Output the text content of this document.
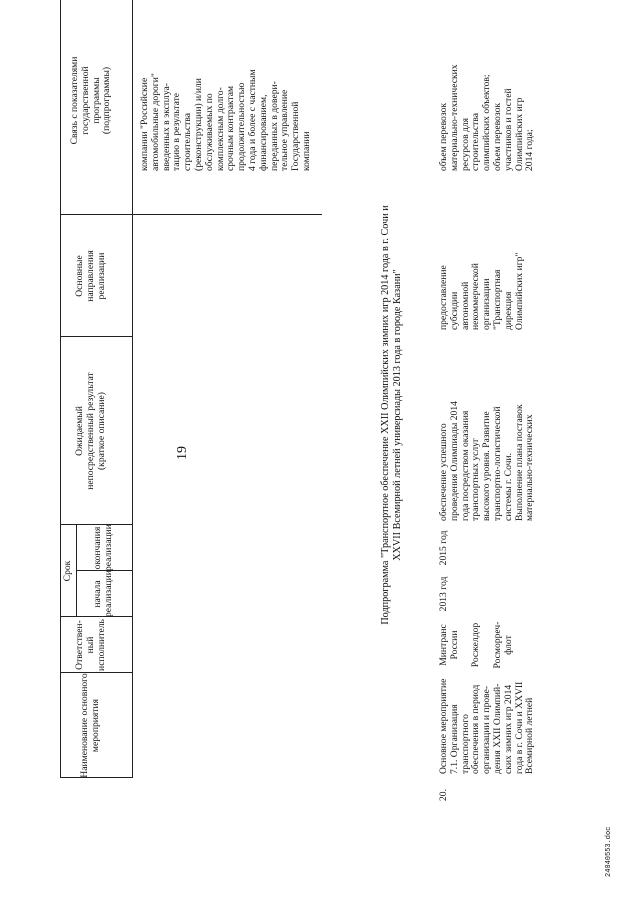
19
Наименование основного мероприятия
Ответствен- ный исполнитель
Срок
начала реализации
окончания реализации
Ожидаемый непосредственный результат (краткое описание)
Основные направления реализации
Связь с показателями государственной программы (подпрограммы)	компании "Российские автомобильные дороги" введенных в эксплуа- тацию в результате строительства (реконструкции) и/или обслуживаемых по комплексным долго- срочным контрактам продолжительностью 4 года и более с частным финансированием, переданных в довери- тельное управление Государственной компании
Подпрограмма "Транспортное обеспечение XXII Олимпийских зимних игр 2014 года в г. Сочи и XXVII Всемирной летней универсиады 2013 года в городе Казани"
20.
Основное мероприятие 7.1. Организация транспортного обеспечения в период организации и прове- дения XXII Олимпий- ских зимних игр 2014 года в г. Сочи и XXVII Всемирной летней
Минтранс России
Росжелдор
Росморреч- флот
2013 год
2015 год
обеспечение успешного проведения Олимпиады 2014 года посредством оказания транспортных услуг высокого уровня. Развитие транспортно-логистической системы г. Сочи. Выполнение плана поставок материально-технических
предоставление субсидии автономной некоммерческой организации "Транспортная дирекция Олимпийских игр"
объем перевозок материально-технических ресурсов для строительства олимпийских объектов; объем перевозок участников и гостей Олимпийских игр 2014 года;
24040553.doc
